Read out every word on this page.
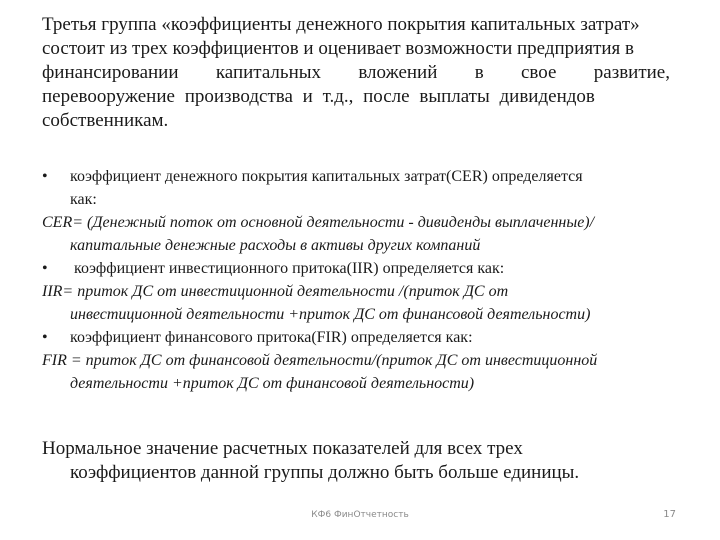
Третья группа «коэффициенты денежного покрытия капитальных затрат»
состоит из трех коэффициентов и оценивает возможности предприятия в
финансировании капитальных вложений в свое развитие,
перевооружение производства и т.д., после выплаты дивидендов
собственникам.
•	коэффициент денежного покрытия капитальных затрат(CER) определяется
как:
CER= (Денежный поток от основной деятельности - дивиденды выплаченные)/
капитальные денежные расходы в активы других компаний
•	коэффициент инвестиционного притока(IIR) определяется как:
IIR= приток ДС от инвестиционной деятельности /(приток ДС от
инвестиционной деятельности +приток ДС от финансовой деятельности)
•	коэффициент финансового притока(FIR) определяется как:
FIR = приток ДС от финансовой деятельности/(приток ДС от инвестиционной
деятельности +приток ДС от финансовой деятельности)
Нормальное значение расчетных показателей для всех трех
коэффициентов данной группы должно быть больше единицы.
КФ6 ФинОтчетность	17
